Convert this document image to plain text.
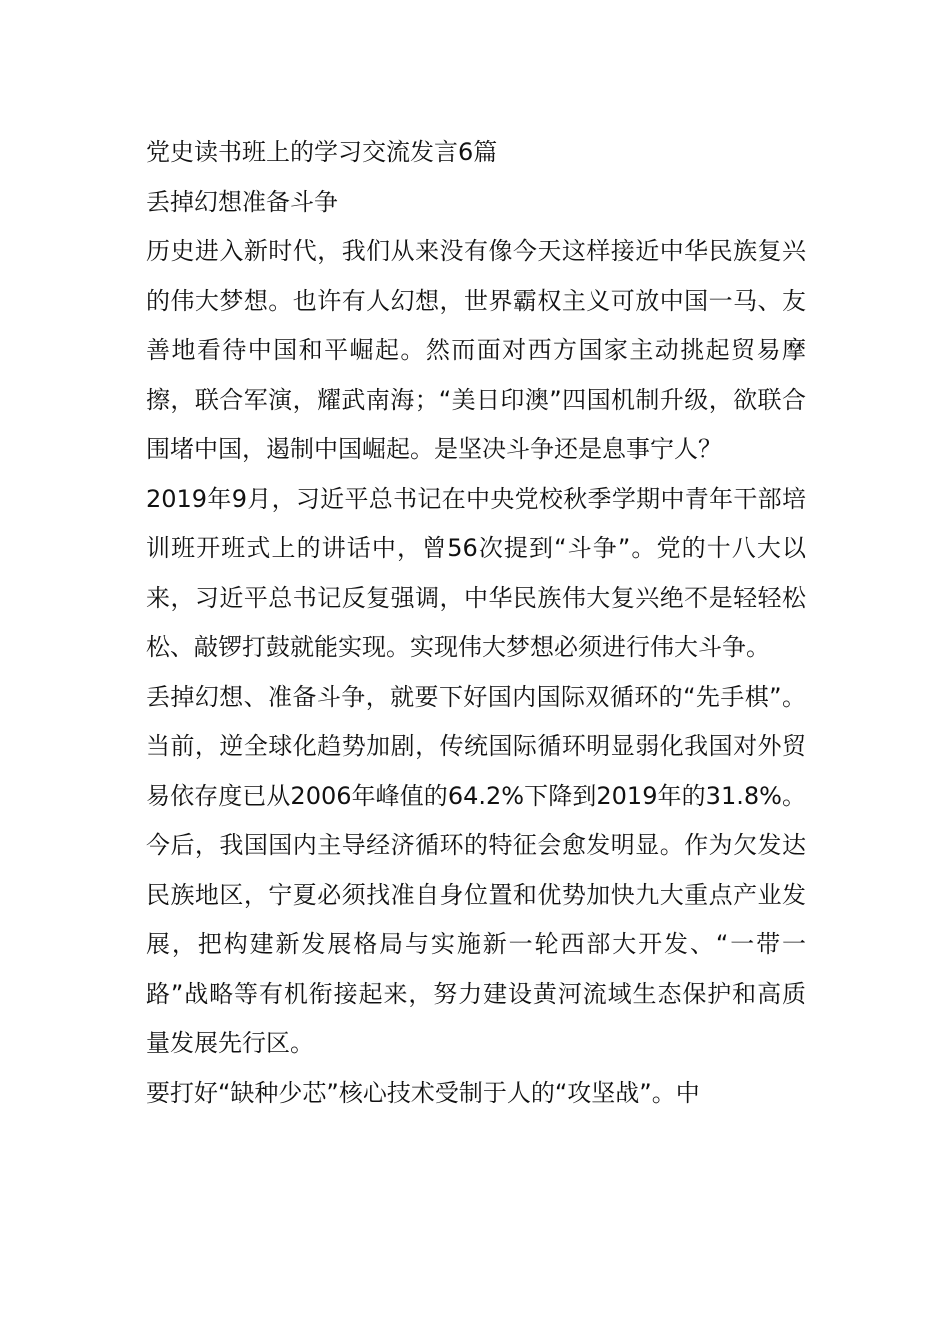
党史读书班上的学习交流发言6篇

丢掉幻想准备斗争

历史进入新时代，我们从来没有像今天这样接近中华民族复兴的伟大梦想。也许有人幻想，世界霸权主义可放中国一马、友善地看待中国和平崛起。然而面对西方国家主动挑起贸易摩擦，联合军演，耀武南海；“美日印澳”四国机制升级，欲联合围堵中国，遏制中国崛起。是坚决斗争还是息事宁人？

2019年9月，习近平总书记在中央党校秋季学期中青年干部培训班开班式上的讲话中，曾56次提到“斗争”。党的十八大以来，习近平总书记反复强调，中华民族伟大复兴绝不是轻轻松松、敲锣打鼓就能实现。实现伟大梦想必须进行伟大斗争。

丢掉幻想、准备斗争，就要下好国内国际双循环的“先手棋”。当前，逆全球化趋势加剧，传统国际循环明显弱化我国对外贸易依存度已从2006年峰值的64.2%下降到2019年的31.8%。今后，我国国内主导经济循环的特征会愈发明显。作为欠发达民族地区，宁夏必须找准自身位置和优势加快九大重点产业发展，把构建新发展格局与实施新一轮西部大开发、“一带一路”战略等有机衔接起来，努力建设黄河流域生态保护和高质量发展先行区。

要打好“缺种少芯”核心技术受制于人的“攻坚战”。中
